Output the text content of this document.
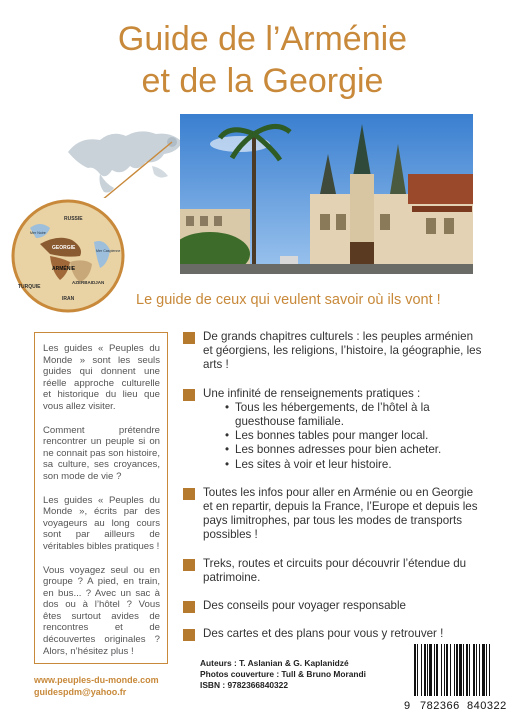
Guide de l’Arménie
et de la Georgie
RUSSIE
Mer Noire
Mer Caspienne
GEORGIE
ARMÉNIE
TURQUIE
AZERBAIDJAN
IRAN	Le guide de ceux qui veulent savoir où ils vont !

Les guides « Peuples du Monde » sont les seuls guides qui donnent une réelle approche culturelle et historique du lieu que vous allez visiter.

Comment prétendre rencontrer un peuple si on ne connait pas son histoire, sa culture, ses croyances, son mode de vie ?

Les guides « Peuples du Monde », écrits par des voyageurs au long cours sont par ailleurs de véritables bibles pratiques !

Vous voyagez seul ou en groupe ? A pied, en train, en bus... ? Avec un sac à dos ou à l’hôtel ? Vous êtes surtout avides de rencontres et de découvertes originales ? Alors, n’hésitez plus !

www.peuples-du-monde.com
guidespdm@yahoo.fr
De grands chapitres culturels : les peuples arménien et géorgiens, les religions, l’histoire, la géographie, les arts !
Une infinité de renseignements pratiques :
• Tous les hébergements, de l’hôtel à la guesthouse familiale.
• Les bonnes tables pour manger local.
• Les bonnes adresses pour bien acheter.
• Les sites à voir et leur histoire.
Toutes les infos pour aller en Arménie ou en Georgie et en repartir, depuis la France, l’Europe et depuis les pays limitrophes, par tous les modes de transports possibles !
Treks, routes et circuits pour découvrir l’étendue du patrimoine.
Des conseils pour voyager responsable
Des cartes et des plans pour vous y retrouver !
Auteurs : T. Aslanian & G. Kaplanidzé
Photos couverture : Tull & Bruno Morandi
ISBN : 9782366840322
9 782366 840322
